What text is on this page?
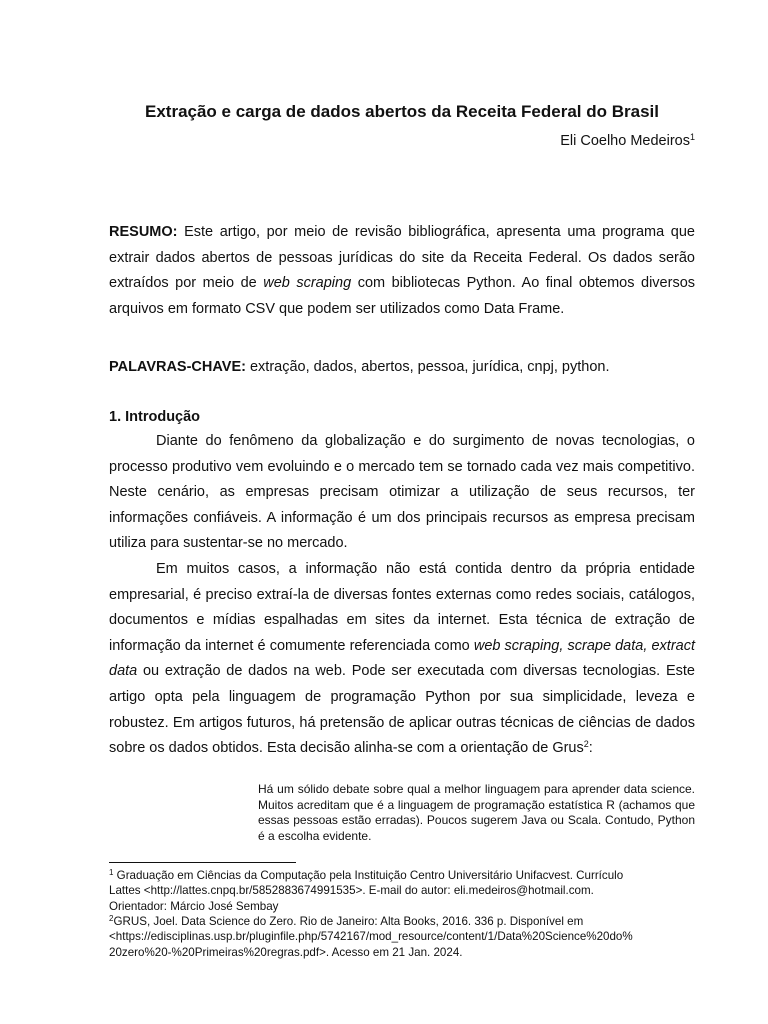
Extração e carga de dados abertos da Receita Federal do Brasil
Eli Coelho Medeiros$^1$

RESUMO: Este artigo, por meio de revisão bibliográfica, apresenta uma programa que extrair dados abertos de pessoas jurídicas do site da Receita Federal. Os dados serão extraídos por meio de web scraping com bibliotecas Python. Ao final obtemos diversos arquivos em formato CSV que podem ser utilizados como Data Frame.

PALAVRAS-CHAVE: extração, dados, abertos, pessoa, jurídica, cnpj, python.

1. Introdução

Diante do fenômeno da globalização e do surgimento de novas tecnologias, o processo produtivo vem evoluindo e o mercado tem se tornado cada vez mais competitivo. Neste cenário, as empresas precisam otimizar a utilização de seus recursos, ter informações confiáveis. A informação é um dos principais recursos as empresa precisam utiliza para sustentar-se no mercado.

Em muitos casos, a informação não está contida dentro da própria entidade empresarial, é preciso extraí-la de diversas fontes externas como redes sociais, catálogos, documentos e mídias espalhadas em sites da internet. Esta técnica de extração de informação da internet é comumente referenciada como web scraping, scrape data, extract data ou extração de dados na web. Pode ser executada com diversas tecnologias. Este artigo opta pela linguagem de programação Python por sua simplicidade, leveza e robustez. Em artigos futuros, há pretensão de aplicar outras técnicas de ciências de dados sobre os dados obtidos. Esta decisão alinha-se com a orientação de Grus$^2$:

Há um sólido debate sobre qual a melhor linguagem para aprender data science. Muitos acreditam que é a linguagem de programação estatística R (achamos que essas pessoas estão erradas). Poucos sugerem Java ou Scala. Contudo, Python é a escolha evidente.

$^1$ Graduação em Ciências da Computação pela Instituição Centro Universitário Unifacvest. Currículo
Lattes <http://lattes.cnpq.br/5852883674991535>. E-mail do autor: eli.medeiros@hotmail.com.
Orientador: Márcio José Sembay
$^2$GRUS, Joel. Data Science do Zero. Rio de Janeiro: Alta Books, 2016. 336 p. Disponível em
<https://edisciplinas.usp.br/pluginfile.php/5742167/mod_resource/content/1/Data%20Science%20do%
20zero%20-%20Primeiras%20regras.pdf>. Acesso em 21 Jan. 2024.
